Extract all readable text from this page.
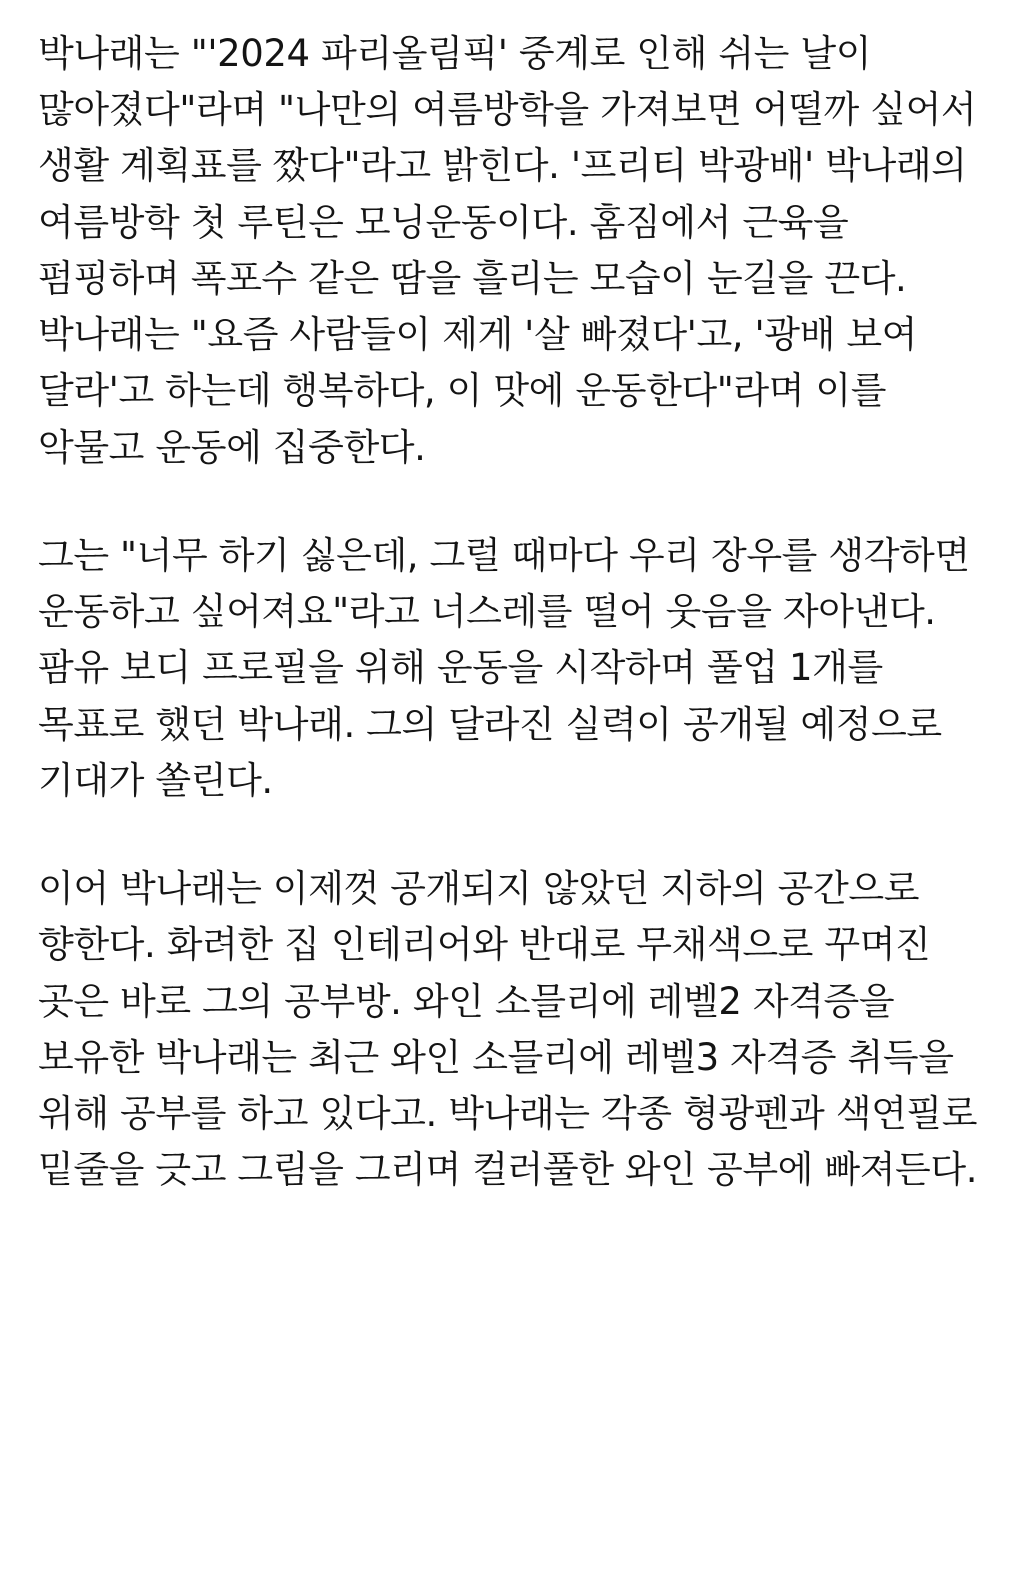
박나래는 "'2024 파리올림픽' 중계로 인해 쉬는 날이 많아졌다"라며 "나만의 여름방학을 가져보면 어떨까 싶어서 생활 계획표를 짰다"라고 밝힌다. '프리티 박광배' 박나래의 여름방학 첫 루틴은 모닝운동이다. 홈짐에서 근육을 펌핑하며 폭포수 같은 땀을 흘리는 모습이 눈길을 끈다. 박나래는 "요즘 사람들이 제게 '살 빠졌다'고, '광배 보여 달라'고 하는데 행복하다, 이 맛에 운동한다"라며 이를 악물고 운동에 집중한다.

그는 "너무 하기 싫은데, 그럴 때마다 우리 장우를 생각하면 운동하고 싶어져요"라고 너스레를 떨어 웃음을 자아낸다. 팜유 보디 프로필을 위해 운동을 시작하며 풀업 1개를 목표로 했던 박나래. 그의 달라진 실력이 공개될 예정으로 기대가 쏠린다.

이어 박나래는 이제껏 공개되지 않았던 지하의 공간으로 향한다. 화려한 집 인테리어와 반대로 무채색으로 꾸며진 곳은 바로 그의 공부방. 와인 소믈리에 레벨2 자격증을 보유한 박나래는 최근 와인 소믈리에 레벨3 자격증 취득을 위해 공부를 하고 있다고. 박나래는 각종 형광펜과 색연필로 밑줄을 긋고 그림을 그리며 컬러풀한 와인 공부에 빠져든다.
